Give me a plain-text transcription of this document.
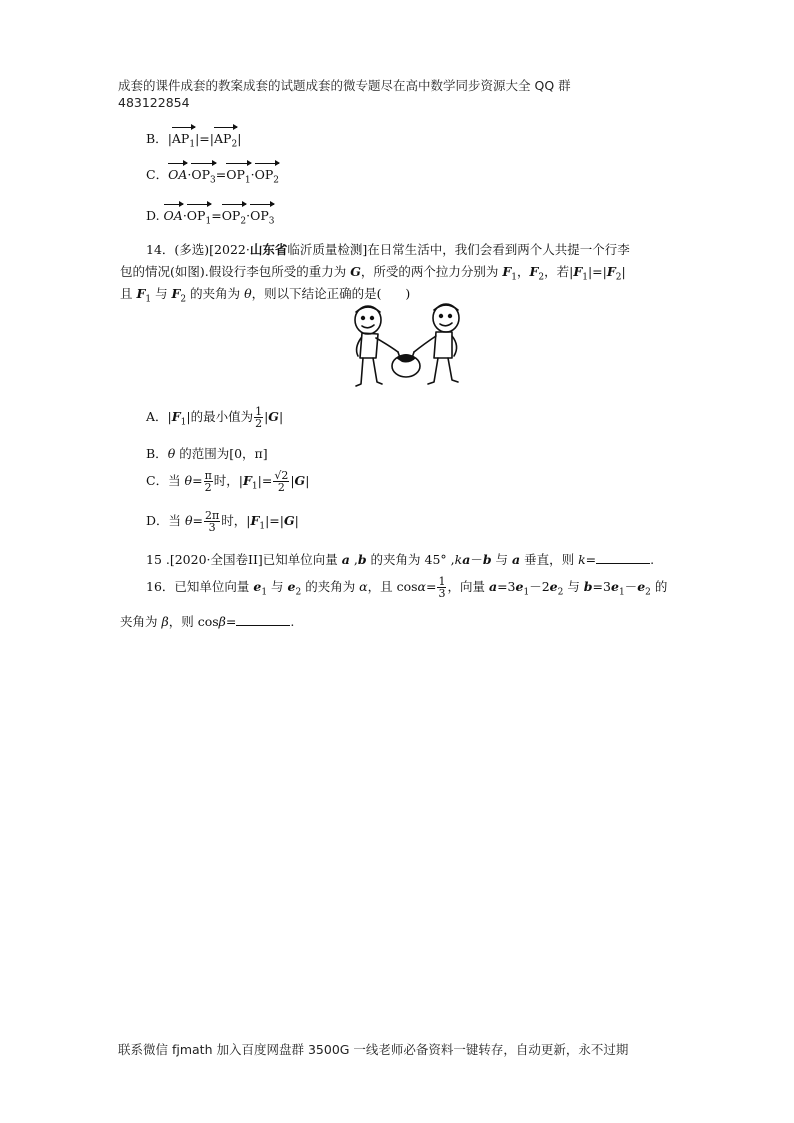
成套的课件成套的教案成套的试题成套的微专题尽在高中数学同步资源大全 QQ 群
483122854
B．$|AP_1|=|AP_2|$
C．$OA\cdot OP_3=OP_1\cdot OP_2$
D. $OA\cdot OP_1=OP_2\cdot OP_3$
14．(多选)[2022·山东省临沂质量检测]在日常生活中，我们会看到两个人共提一个行李
包的情况(如图).假设行李包所受的重力为 G，所受的两个拉力分别为 $F_1$，$F_2$，若$|F_1|=|F_2|$
且 $F_1$ 与 $F_2$ 的夹角为 θ，则以下结论正确的是(      )
A．$|F_1|$的最小值为 $\frac{1}{2} |G|$
B．θ 的范围为[0，π]
C．当 $\theta= \frac{\pi}{2}$ 时，$|F_1|= \frac{√2}{2} |G|$
D．当 $\theta= \frac{2\pi}{3}$ 时，$|F_1|=|G|$
15 .[2020·全国卷II]已知单位向量 a ,b 的夹角为 45° ,ka－b 与 a 垂直，则 k=	.
16．已知单位向量 $e_1$ 与 $e_2$ 的夹角为 α，且 $\cos\alpha= \frac{1}{3}$ ，向量 $a=3e_1-2e_2$ 与 $b=3e_1-e_2$ 的
夹角为 β，则 cosβ=	.
联系微信 fjmath 加入百度网盘群 3500G 一线老师必备资料一键转存，自动更新，永不过期
